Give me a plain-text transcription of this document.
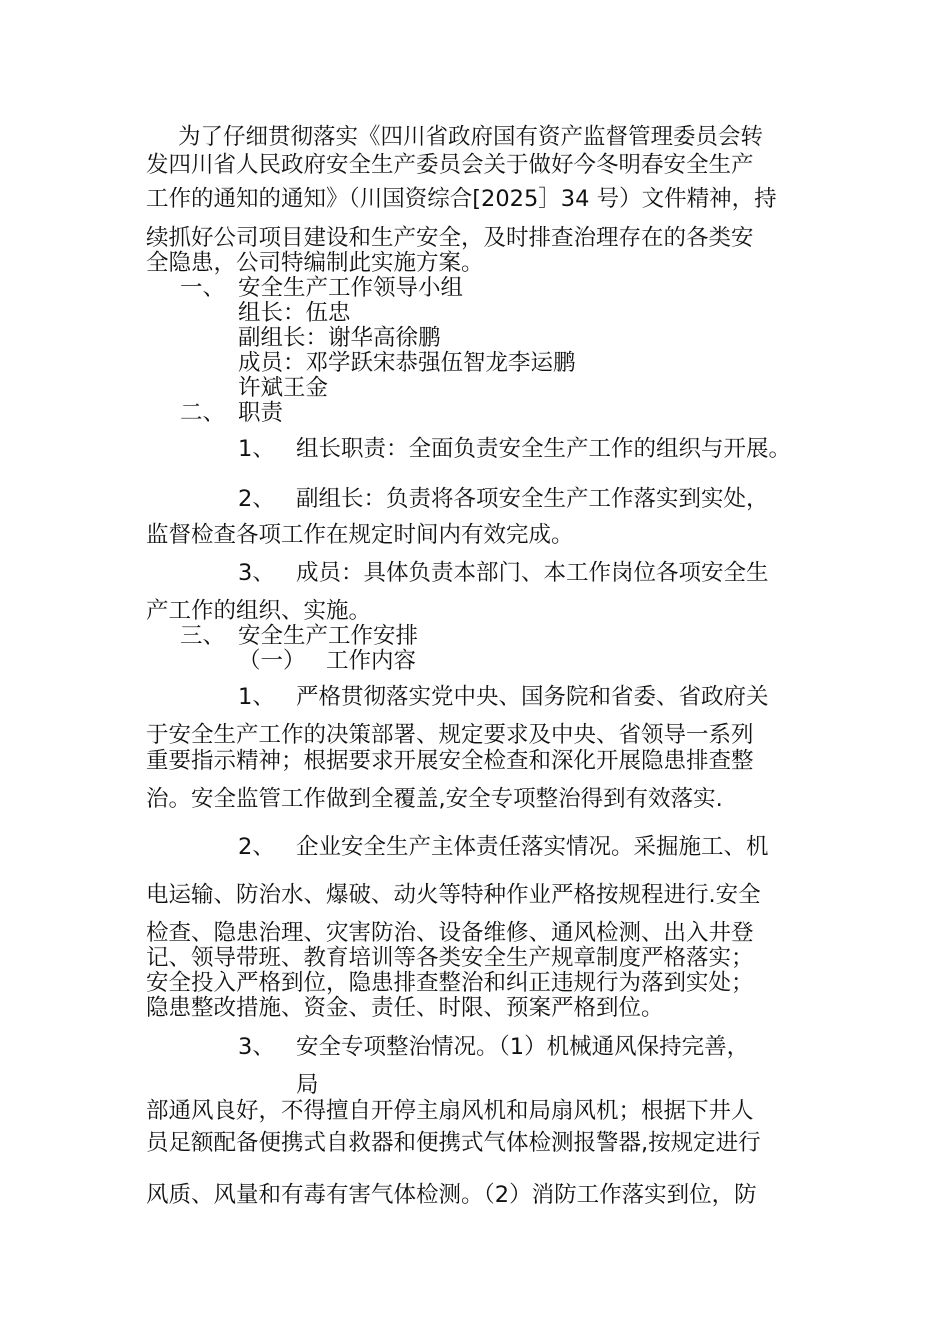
为了仔细贯彻落实《四川省政府国有资产监督管理委员会转
发四川省人民政府安全生产委员会关于做好今冬明春安全生产
工作的通知的通知》（川国资综合[2025］34 号）文件精神，持
续抓好公司项目建设和生产安全，及时排查治理存在的各类安
全隐患，公司特编制此实施方案。
一、 安全生产工作领导小组
组长：伍忠
副组长：谢华高徐鹏
成员：邓学跃宋恭强伍智龙李运鹏
许斌王金
二、 职责
1、 组长职责：全面负责安全生产工作的组织与开展。
2、 副组长：负责将各项安全生产工作落实到实处，
监督检查各项工作在规定时间内有效完成。
3、 成员：具体负责本部门、本工作岗位各项安全生
产工作的组织、实施。
三、 安全生产工作安排
（一） 工作内容
1、 严格贯彻落实党中央、国务院和省委、省政府关
于安全生产工作的决策部署、规定要求及中央、省领导一系列
重要指示精神；根据要求开展安全检查和深化开展隐患排查整
治。安全监管工作做到全覆盖,安全专项整治得到有效落实.
2、 企业安全生产主体责任落实情况。采掘施工、机
电运输、防治水、爆破、动火等特种作业严格按规程进行.安全
检查、隐患治理、灾害防治、设备维修、通风检测、出入井登
记、领导带班、教育培训等各类安全生产规章制度严格落实；
安全投入严格到位，隐患排查整治和纠正违规行为落到实处；
隐患整改措施、资金、责任、时限、预案严格到位。
3、 安全专项整治情况。（1）机械通风保持完善，
局
部通风良好，不得擅自开停主扇风机和局扇风机；根据下井人
员足额配备便携式自救器和便携式气体检测报警器,按规定进行
风质、风量和有毒有害气体检测。（2）消防工作落实到位，防
